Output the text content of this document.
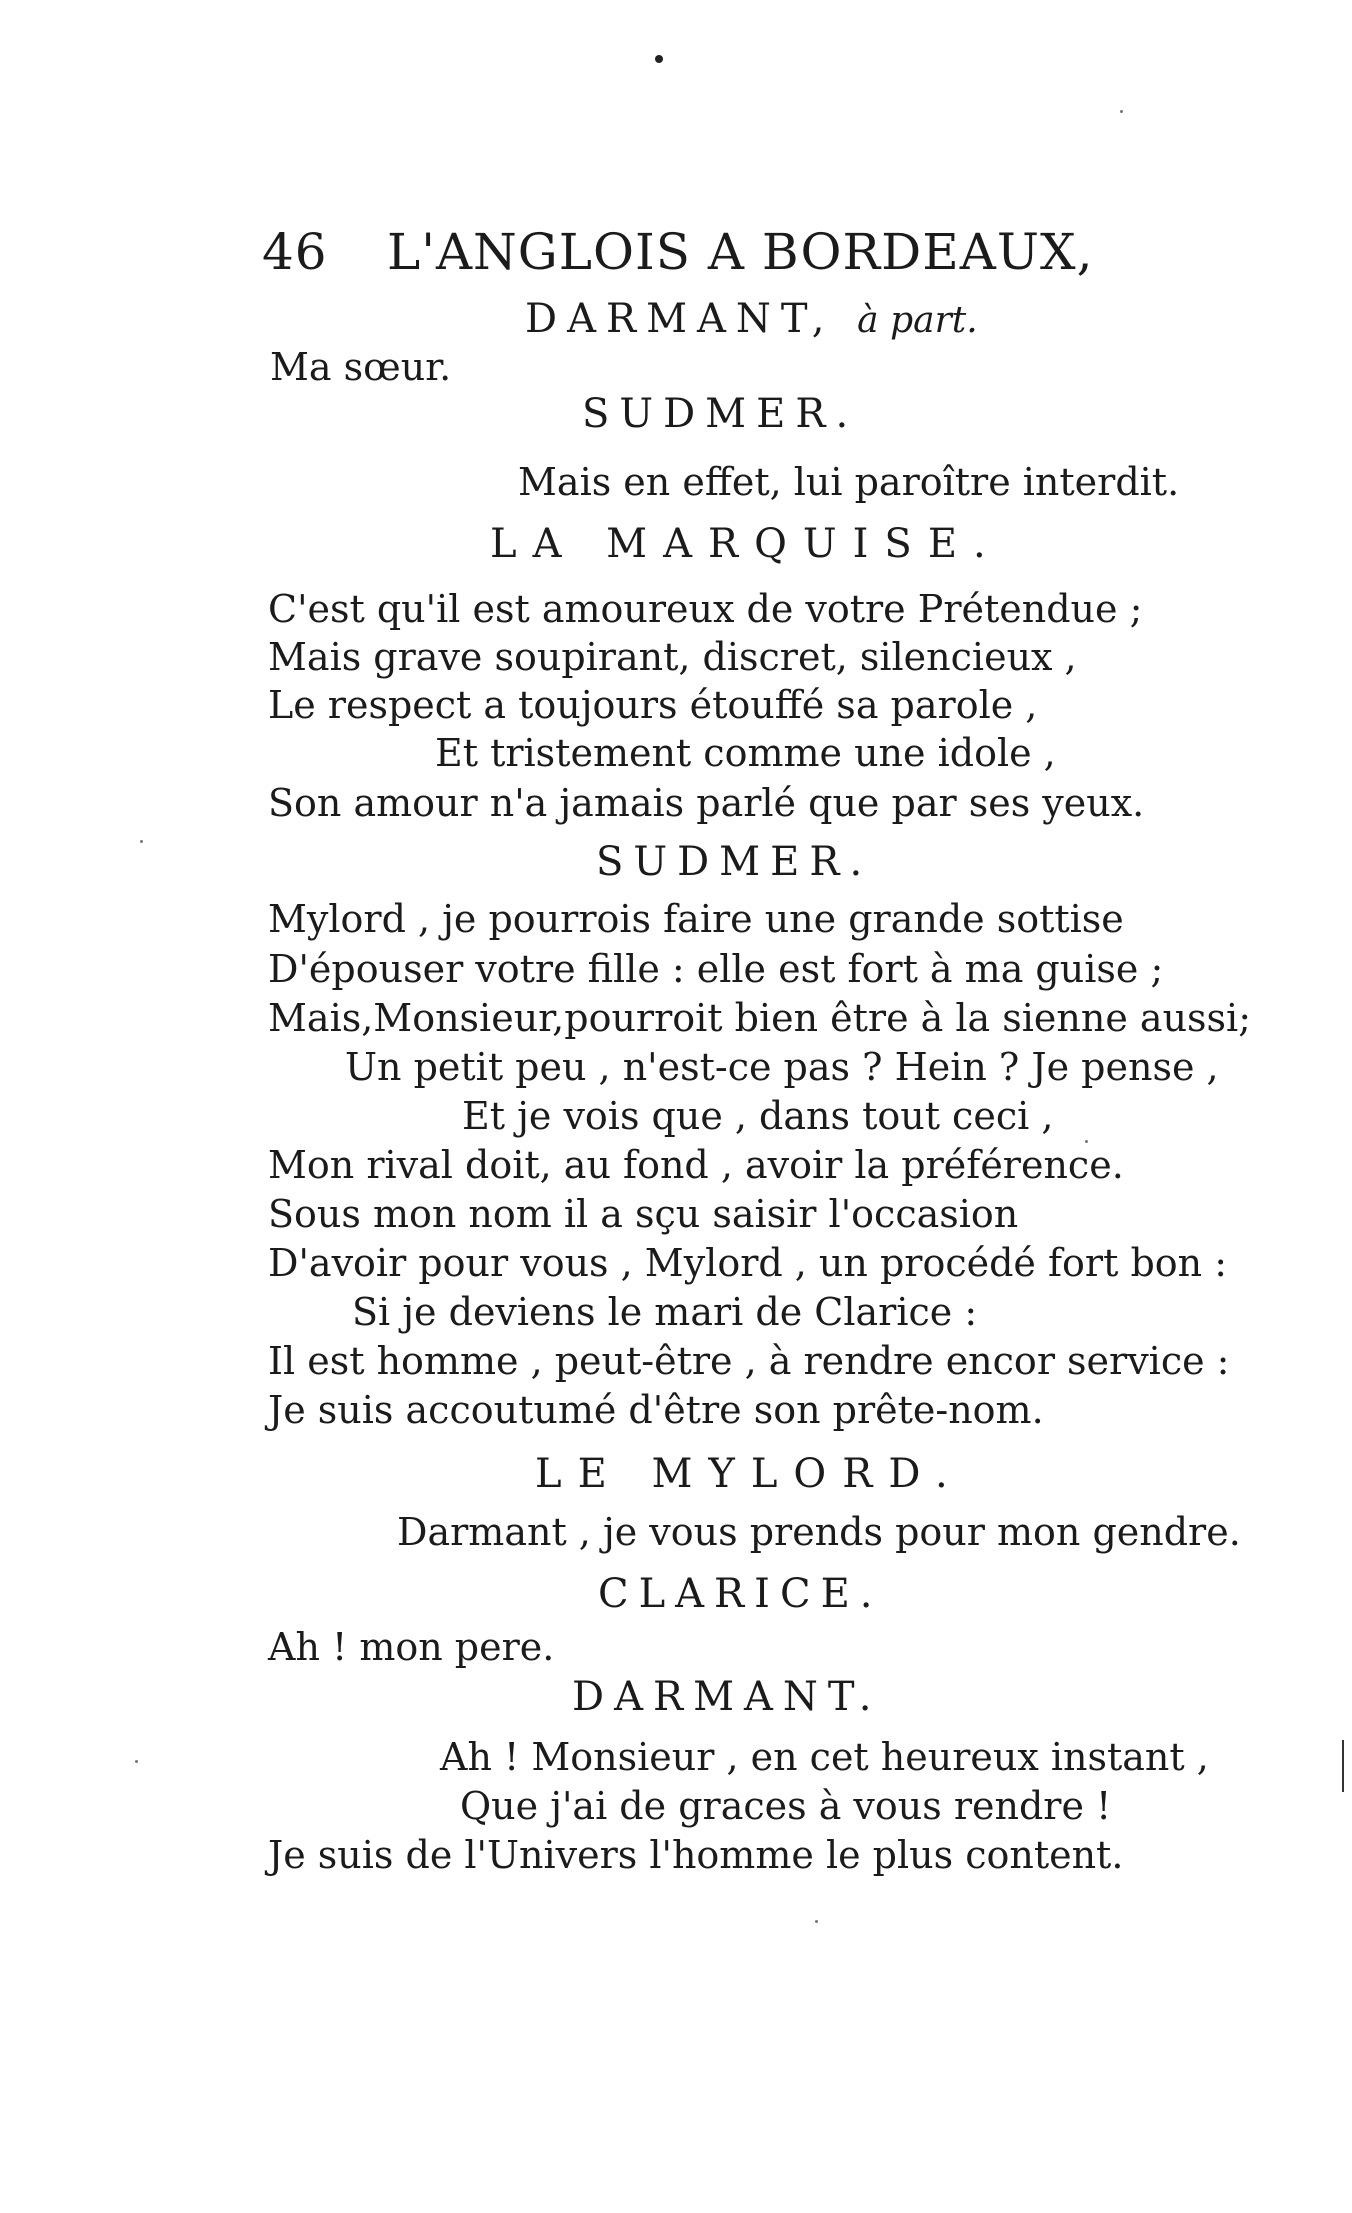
46 L'ANGLOIS A BORDEAUX,
DARMANT, à part.
Ma sœur.
SUDMER.
Mais en effet, lui paroître interdit.
LA MARQUISE.
C'est qu'il est amoureux de votre Prétendue ;
Mais grave soupirant, discret, silencieux ,
Le respect a toujours étouffé sa parole ,
Et tristement comme une idole ,
Son amour n'a jamais parlé que par ses yeux.
SUDMER.
Mylord , je pourrois faire une grande sottise
D'épouser votre fille : elle est fort à ma guise ;
Mais,Monsieur,pourroit bien être à la sienne aussi;
Un petit peu , n'est-ce pas ? Hein ? Je pense ,
Et je vois que , dans tout ceci ,
Mon rival doit, au fond , avoir la préférence.
Sous mon nom il a sçu saisir l'occasion
D'avoir pour vous , Mylord , un procédé fort bon :
Si je deviens le mari de Clarice :
Il est homme , peut-être , à rendre encor service :
Je suis accoutumé d'être son prête-nom.
LE MYLORD.
Darmant , je vous prends pour mon gendre.
CLARICE.
Ah ! mon pere.
DARMANT.
Ah ! Monsieur , en cet heureux instant ,
Que j'ai de graces à vous rendre !
Je suis de l'Univers l'homme le plus content.
